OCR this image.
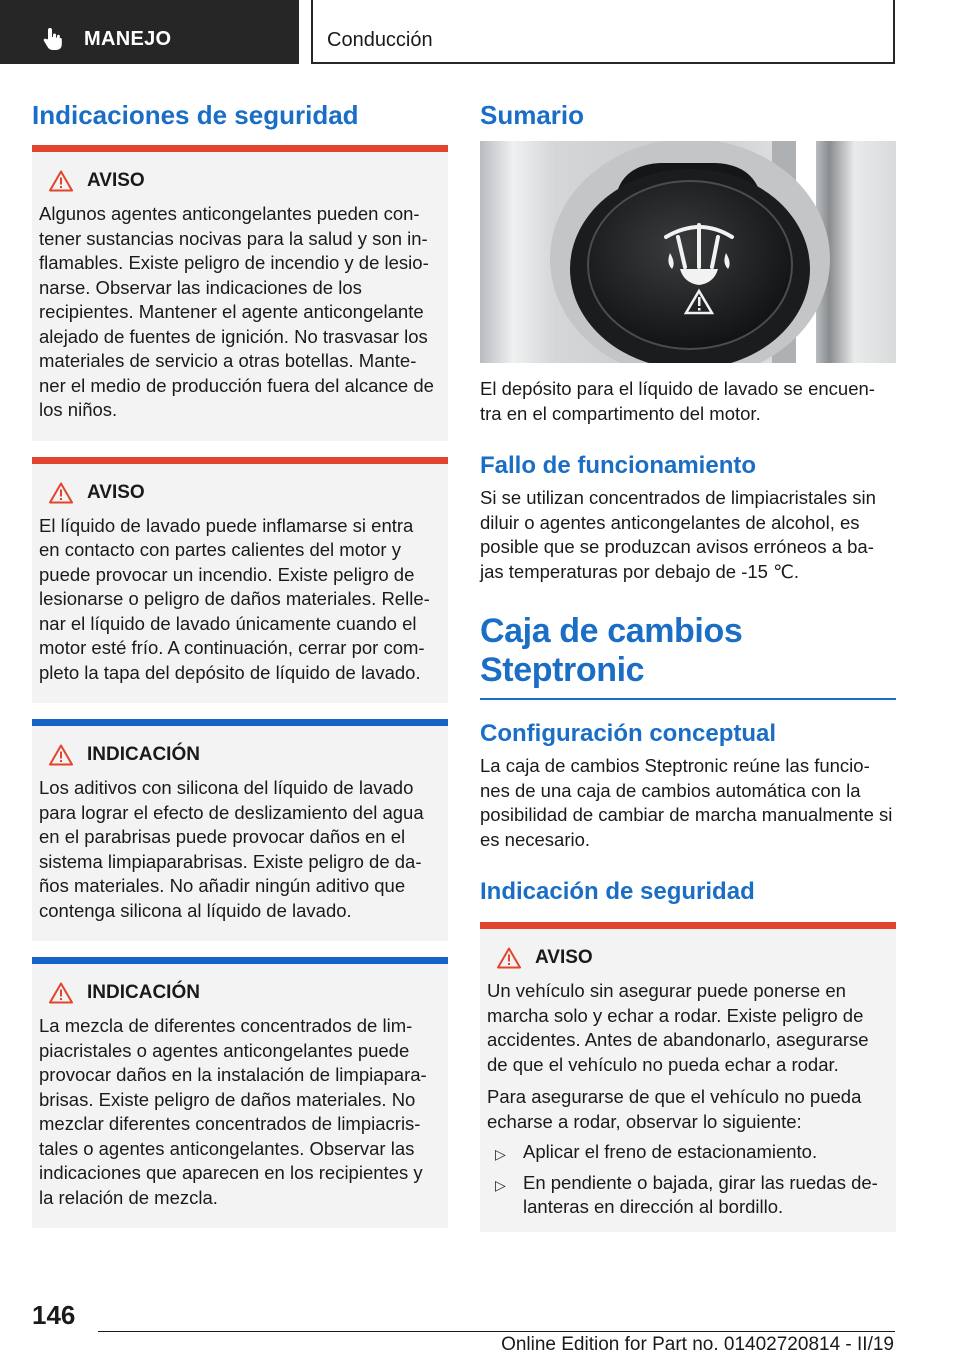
MANEJO	Conducción
Indicaciones de seguridad
AVISO

Algunos agentes anticongelantes pueden con- tener sustancias nocivas para la salud y son in- flamables. Existe peligro de incendio y de lesio- narse. Observar las indicaciones de los recipientes. Mantener el agente anticongelante alejado de fuentes de ignición. No trasvasar los materiales de servicio a otras botellas. Mante- ner el medio de producción fuera del alcance de los niños.

AVISO

El líquido de lavado puede inflamarse si entra en contacto con partes calientes del motor y puede provocar un incendio. Existe peligro de lesionarse o peligro de daños materiales. Relle- nar el líquido de lavado únicamente cuando el motor esté frío. A continuación, cerrar por com- pleto la tapa del depósito de líquido de lavado.

INDICACIÓN

Los aditivos con silicona del líquido de lavado para lograr el efecto de deslizamiento del agua en el parabrisas puede provocar daños en el sistema limpiaparabrisas. Existe peligro de da- ños materiales. No añadir ningún aditivo que contenga silicona al líquido de lavado.

INDICACIÓN

La mezcla de diferentes concentrados de lim- piacristales o agentes anticongelantes puede provocar daños en la instalación de limpiapara- brisas. Existe peligro de daños materiales. No mezclar diferentes concentrados de limpiacris- tales o agentes anticongelantes. Observar las indicaciones que aparecen en los recipientes y la relación de mezcla.

Sumario

El depósito para el líquido de lavado se encuen- tra en el compartimento del motor.

Fallo de funcionamiento

Si se utilizan concentrados de limpiacristales sin diluir o agentes anticongelantes de alcohol, es posible que se produzcan avisos erróneos a ba- jas temperaturas por debajo de -15 ℃.

Caja de cambios Steptronic
Configuración conceptual

La caja de cambios Steptronic reúne las funcio- nes de una caja de cambios automática con la posibilidad de cambiar de marcha manualmente si es necesario.

Indicación de seguridad
AVISO

Un vehículo sin asegurar puede ponerse en marcha solo y echar a rodar. Existe peligro de accidentes. Antes de abandonarlo, asegurarse de que el vehículo no pueda echar a rodar.

Para asegurarse de que el vehículo no pueda echarse a rodar, observar lo siguiente:

▷ Aplicar el freno de estacionamiento.
▷ En pendiente o bajada, girar las ruedas de- lanteras en dirección al bordillo.
146
Online Edition for Part no. 01402720814 - II/19
